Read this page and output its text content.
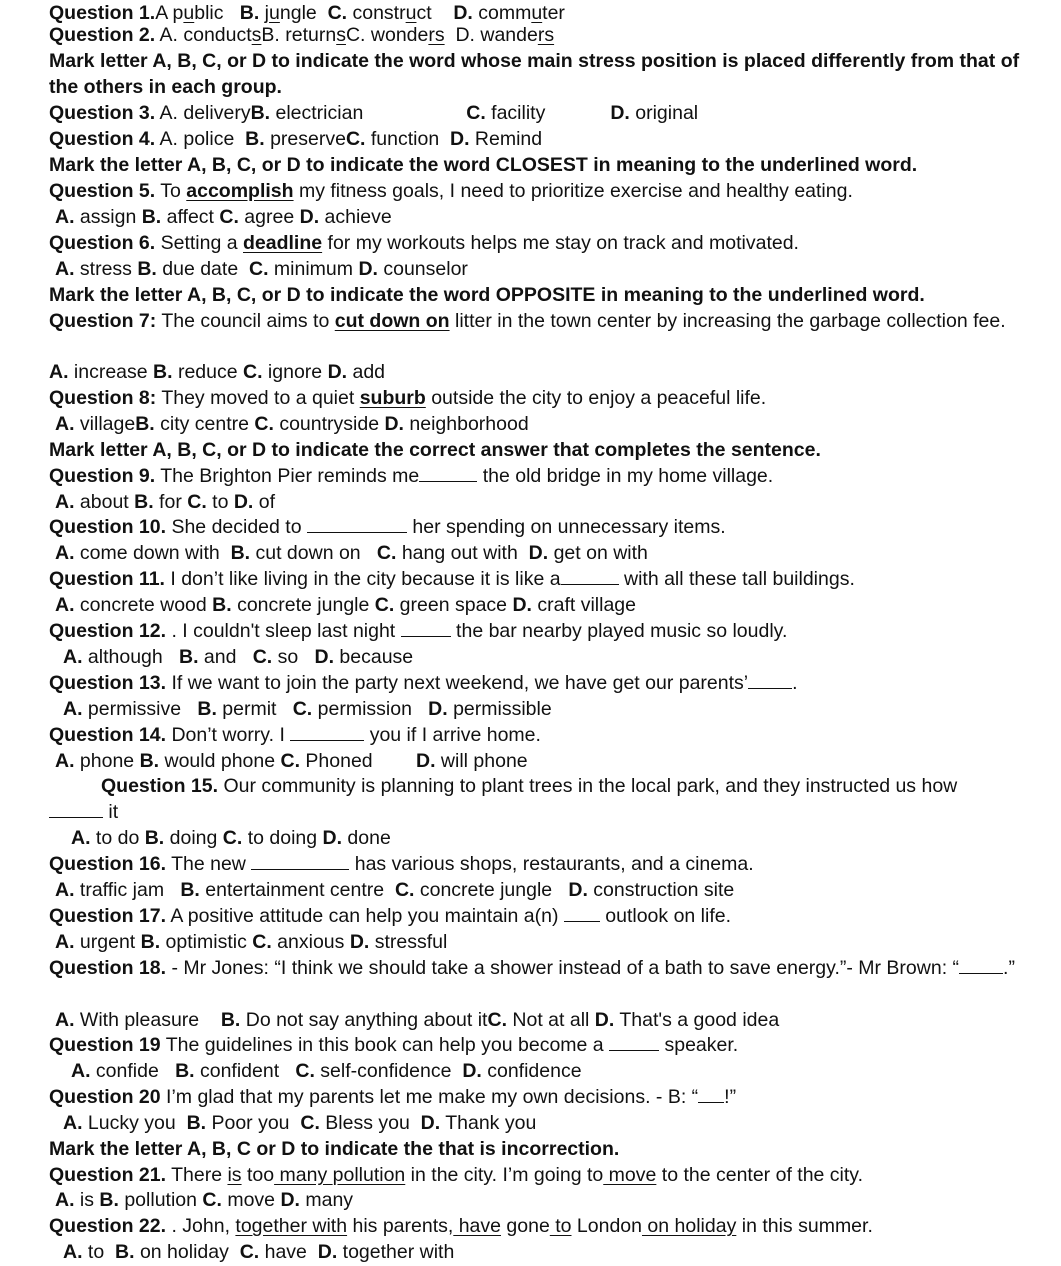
Question 1.A public   B. jungle  C. construct    D. commuter
Question 2. A. conductsB. returnsC. wonders  D. wanders
Mark letter A, B, C, or D to indicate the word whose main stress position is placed differently from that of the others in each group.
Question 3. A. deliveryB. electrician                   C. facility            D. original
Question 4. A. police  B. preserveC. function  D. Remind
Mark the letter A, B, C, or D to indicate the word CLOSEST in meaning to the underlined word.
Question 5. To accomplish my fitness goals, I need to prioritize exercise and healthy eating.
A. assign B. affect C. agree D. achieve
Question 6. Setting a deadline for my workouts helps me stay on track and motivated.
A. stress B. due date  C. minimum D. counselor
Mark the letter A, B, C, or D to indicate the word OPPOSITE in meaning to the underlined word.
Question 7: The council aims to cut down on litter in the town center by increasing the garbage collection fee.
A. increase B. reduce C. ignore D. add
Question 8: They moved to a quiet suburb outside the city to enjoy a peaceful life.
A. villageB. city centre C. countryside D. neighborhood
Mark letter A, B, C, or D to indicate the correct answer that completes the sentence.
Question 9. The Brighton Pier reminds me	the old bridge in my home village.
A. about B. for C. to D. of
Question 10. She decided to	her spending on unnecessary items.
A. come down with  B. cut down on   C. hang out with  D. get on with
Question 11. I don’t like living in the city because it is like a	with all these tall buildings.
A. concrete wood B. concrete jungle C. green space D. craft village
Question 12. . I couldn't sleep last night	the bar nearby played music so loudly.
A. although   B. and   C. so   D. because
Question 13. If we want to join the party next weekend, we have get our parents’ .
A. permissive   B. permit   C. permission   D. permissible
Question 14. Don’t worry. I	you if I arrive home.
A. phone B. would phone C. Phoned        D. will phone
Question 15. Our community is planning to plant trees in the local park, and they instructed us how
it
A. to do B. doing C. to doing D. done
Question 16. The new	has various shops, restaurants, and a cinema.
A. traffic jam   B. entertainment centre  C. concrete jungle   D. construction site
Question 17. A positive attitude can help you maintain a(n)  outlook on life.
A. urgent B. optimistic C. anxious D. stressful
Question 18. - Mr Jones: “I think we should take a shower instead of a bath to save energy.”- Mr Brown: “ .”
A. With pleasure    B. Do not say anything about itC. Not at all D. That's a good idea
Question 19 The guidelines in this book can help you become a	speaker.
A. confide   B. confident   C. self-confidence  D. confidence
Question 20 I’m glad that my parents let me make my own decisions. - B: “ !”
A. Lucky you  B. Poor you  C. Bless you  D. Thank you
Mark the letter A, B, C or D to indicate the that is incorrection.
Question 21. There is too many pollution in the city. I’m going to move to the center of the city.
A. is B. pollution C. move D. many
Question 22. . John, together with his parents, have gone to London on holiday in this summer.
A. to  B. on holiday  C. have  D. together with
